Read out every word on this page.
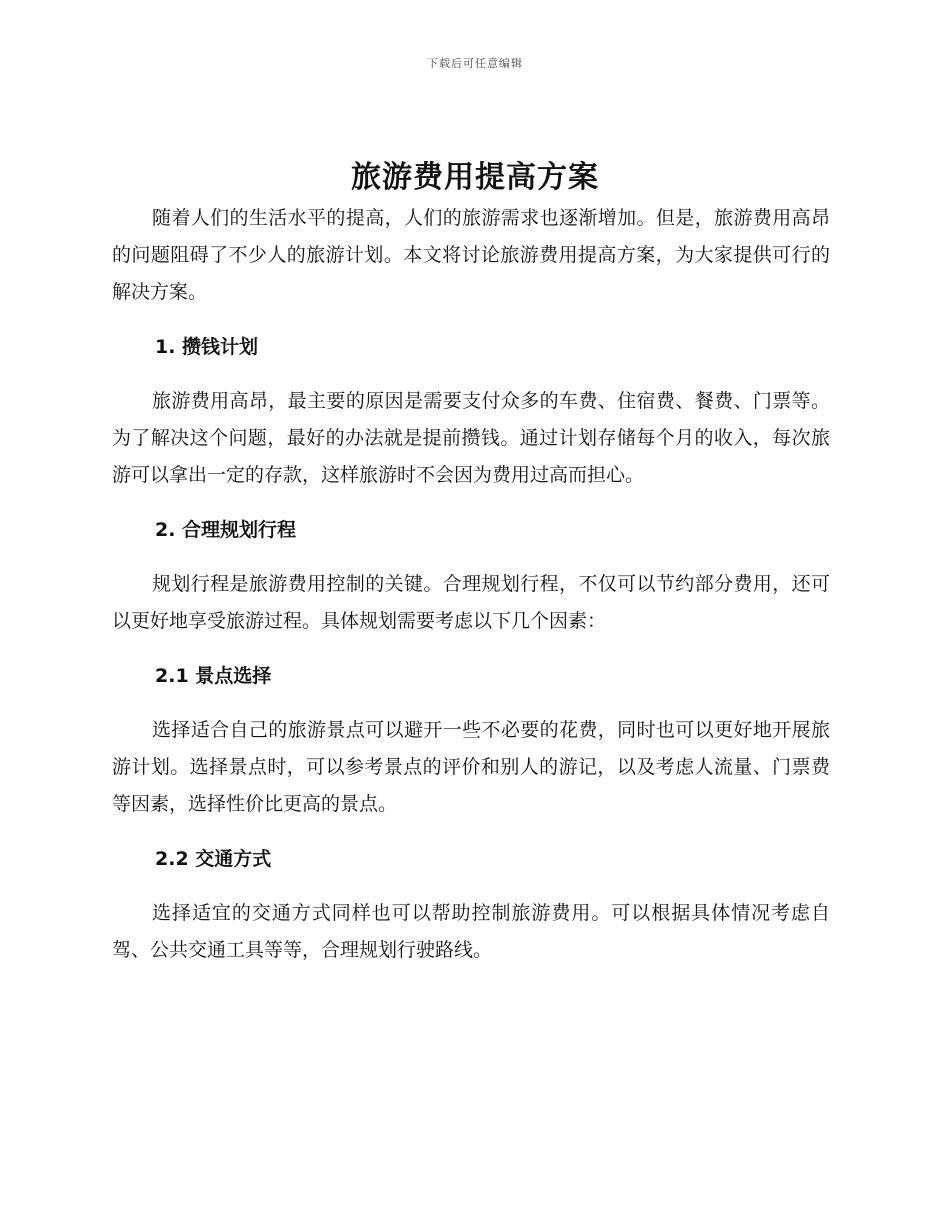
下载后可任意编辑
旅游费用提高方案

随着人们的生活水平的提高，人们的旅游需求也逐渐增加。但是，旅游费用高昂的问题阻碍了不少人的旅游计划。本文将讨论旅游费用提高方案，为大家提供可行的解决方案。

1. 攒钱计划

旅游费用高昂，最主要的原因是需要支付众多的车费、住宿费、餐费、门票等。为了解决这个问题，最好的办法就是提前攒钱。通过计划存储每个月的收入，每次旅游可以拿出一定的存款，这样旅游时不会因为费用过高而担心。

2. 合理规划行程

规划行程是旅游费用控制的关键。合理规划行程，不仅可以节约部分费用，还可以更好地享受旅游过程。具体规划需要考虑以下几个因素：

2.1 景点选择

选择适合自己的旅游景点可以避开一些不必要的花费，同时也可以更好地开展旅游计划。选择景点时，可以参考景点的评价和别人的游记，以及考虑人流量、门票费等因素，选择性价比更高的景点。

2.2 交通方式

选择适宜的交通方式同样也可以帮助控制旅游费用。可以根据具体情况考虑自驾、公共交通工具等等，合理规划行驶路线。
